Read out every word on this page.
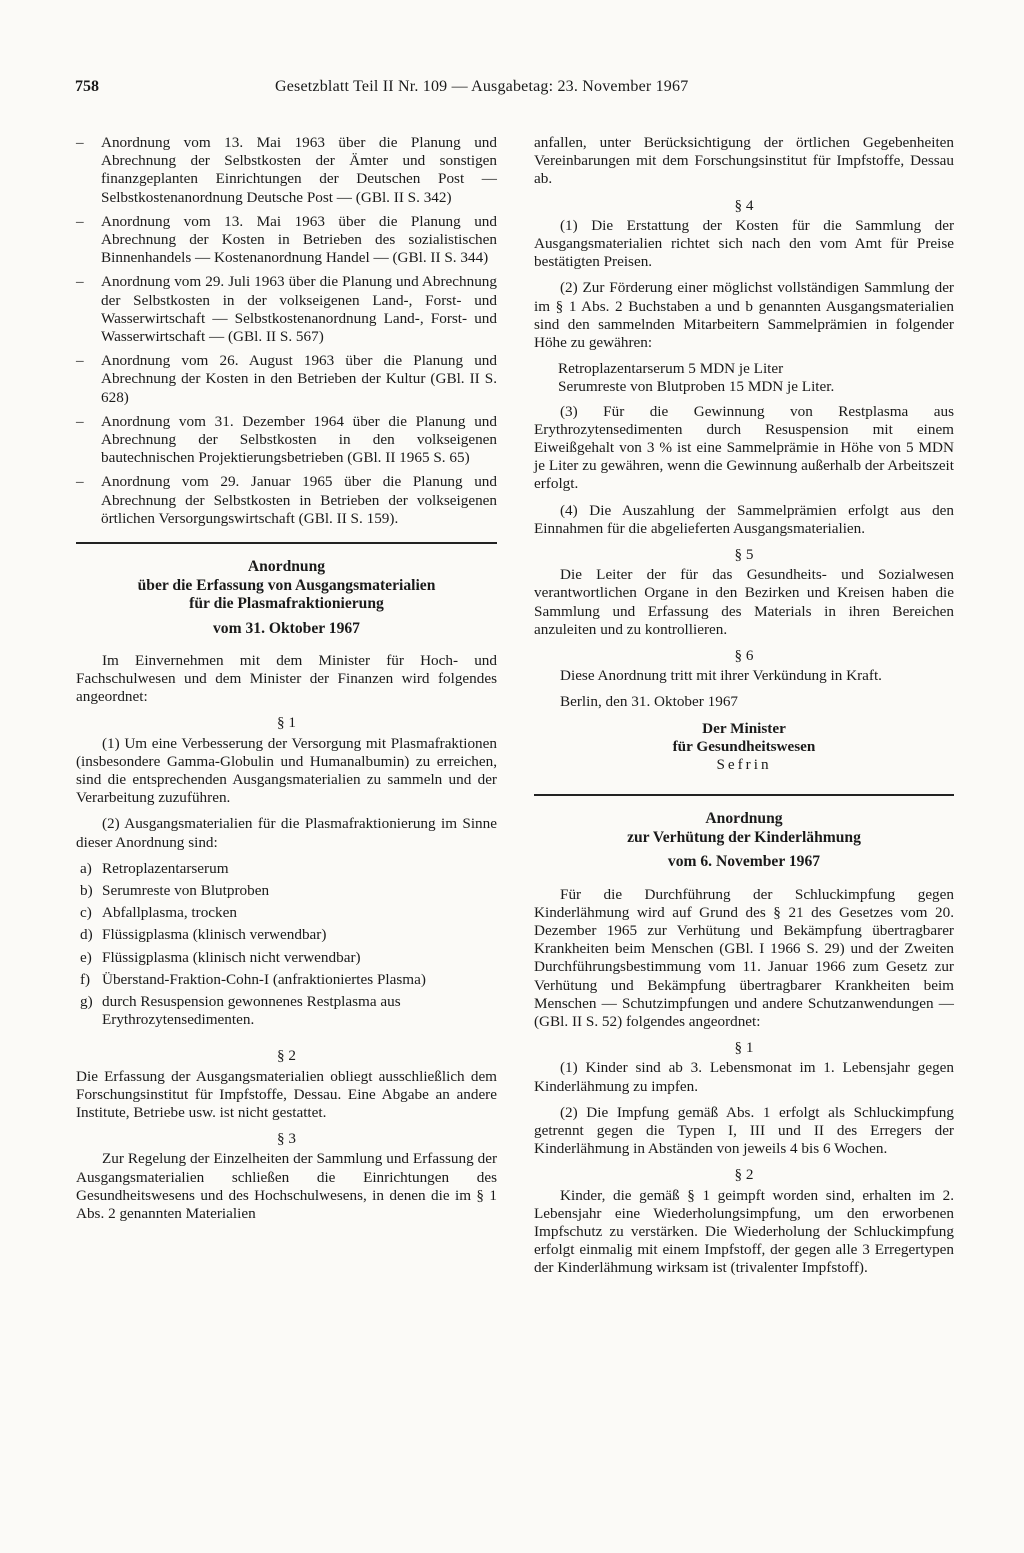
758	Gesetzblatt Teil II Nr. 109 — Ausgabetag: 23. November 1967

– Anordnung vom 13. Mai 1963 über die Planung und Abrechnung der Selbstkosten der Ämter und sonstigen finanzgeplanten Einrichtungen der Deutschen Post — Selbstkostenanordnung Deutsche Post — (GBl. II S. 342)

– Anordnung vom 13. Mai 1963 über die Planung und Abrechnung der Kosten in Betrieben des sozialistischen Binnenhandels — Kostenanordnung Handel — (GBl. II S. 344)

– Anordnung vom 29. Juli 1963 über die Planung und Abrechnung der Selbstkosten in der volkseigenen Land-, Forst- und Wasserwirtschaft — Selbstkostenanordnung Land-, Forst- und Wasserwirtschaft — (GBl. II S. 567)

– Anordnung vom 26. August 1963 über die Planung und Abrechnung der Kosten in den Betrieben der Kultur (GBl. II S. 628)

– Anordnung vom 31. Dezember 1964 über die Planung und Abrechnung der Selbstkosten in den volkseigenen bautechnischen Projektierungsbetrieben (GBl. II 1965 S. 65)

– Anordnung vom 29. Januar 1965 über die Planung und Abrechnung der Selbstkosten in Betrieben der volkseigenen örtlichen Versorgungswirtschaft (GBl. II S. 159).

Anordnung

über die Erfassung von Ausgangsmaterialien

für die Plasmafraktionierung

vom 31. Oktober 1967

Im Einvernehmen mit dem Minister für Hoch- und Fachschulwesen und dem Minister der Finanzen wird folgendes angeordnet:

§ 1

(1) Um eine Verbesserung der Versorgung mit Plasmafraktionen (insbesondere Gamma-Globulin und Humanalbumin) zu erreichen, sind die entsprechenden Ausgangsmaterialien zu sammeln und der Verarbeitung zuzuführen.

(2) Ausgangsmaterialien für die Plasmafraktionierung im Sinne dieser Anordnung sind:

a) Retroplazentarserum
b) Serumreste von Blutproben
c) Abfallplasma, trocken
d) Flüssigplasma (klinisch verwendbar)
e) Flüssigplasma (klinisch nicht verwendbar)
f) Überstand-Fraktion-Cohn-I (anfraktioniertes Plasma)
g) durch Resuspension gewonnenes Restplasma aus Erythrozytensedimenten.

§ 2

Die Erfassung der Ausgangsmaterialien obliegt ausschließlich dem Forschungsinstitut für Impfstoffe, Dessau. Eine Abgabe an andere Institute, Betriebe usw. ist nicht gestattet.

§ 3

Zur Regelung der Einzelheiten der Sammlung und Erfassung der Ausgangsmaterialien schließen die Einrichtungen des Gesundheitswesens und des Hochschulwesens, in denen die im § 1 Abs. 2 genannten Materialien

anfallen, unter Berücksichtigung der örtlichen Gegebenheiten Vereinbarungen mit dem Forschungsinstitut für Impfstoffe, Dessau ab.

§ 4

(1) Die Erstattung der Kosten für die Sammlung der Ausgangsmaterialien richtet sich nach den vom Amt für Preise bestätigten Preisen.

(2) Zur Förderung einer möglichst vollständigen Sammlung der im § 1 Abs. 2 Buchstaben a und b genannten Ausgangsmaterialien sind den sammelnden Mitarbeitern Sammelprämien in folgender Höhe zu gewähren:

Retroplazentarserum 5 MDN je Liter
Serumreste von Blutproben 15 MDN je Liter.

(3) Für die Gewinnung von Restplasma aus Erythrozytensedimenten durch Resuspension mit einem Eiweißgehalt von 3 % ist eine Sammelprämie in Höhe von 5 MDN je Liter zu gewähren, wenn die Gewinnung außerhalb der Arbeitszeit erfolgt.

(4) Die Auszahlung der Sammelprämien erfolgt aus den Einnahmen für die abgelieferten Ausgangsmaterialien.

§ 5

Die Leiter der für das Gesundheits- und Sozialwesen verantwortlichen Organe in den Bezirken und Kreisen haben die Sammlung und Erfassung des Materials in ihren Bereichen anzuleiten und zu kontrollieren.

§ 6

Diese Anordnung tritt mit ihrer Verkündung in Kraft.

Berlin, den 31. Oktober 1967

Der Minister

für Gesundheitswesen

Sefrin

Anordnung

zur Verhütung der Kinderlähmung

vom 6. November 1967

Für die Durchführung der Schluckimpfung gegen Kinderlähmung wird auf Grund des § 21 des Gesetzes vom 20. Dezember 1965 zur Verhütung und Bekämpfung übertragbarer Krankheiten beim Menschen (GBl. I 1966 S. 29) und der Zweiten Durchführungsbestimmung vom 11. Januar 1966 zum Gesetz zur Verhütung und Bekämpfung übertragbarer Krankheiten beim Menschen — Schutzimpfungen und andere Schutzanwendungen — (GBl. II S. 52) folgendes angeordnet:

§ 1

(1) Kinder sind ab 3. Lebensmonat im 1. Lebensjahr gegen Kinderlähmung zu impfen.

(2) Die Impfung gemäß Abs. 1 erfolgt als Schluckimpfung getrennt gegen die Typen I, III und II des Erregers der Kinderlähmung in Abständen von jeweils 4 bis 6 Wochen.

§ 2

Kinder, die gemäß § 1 geimpft worden sind, erhalten im 2. Lebensjahr eine Wiederholungsimpfung, um den erworbenen Impfschutz zu verstärken. Die Wiederholung der Schluckimpfung erfolgt einmalig mit einem Impfstoff, der gegen alle 3 Erregertypen der Kinderlähmung wirksam ist (trivalenter Impfstoff).
